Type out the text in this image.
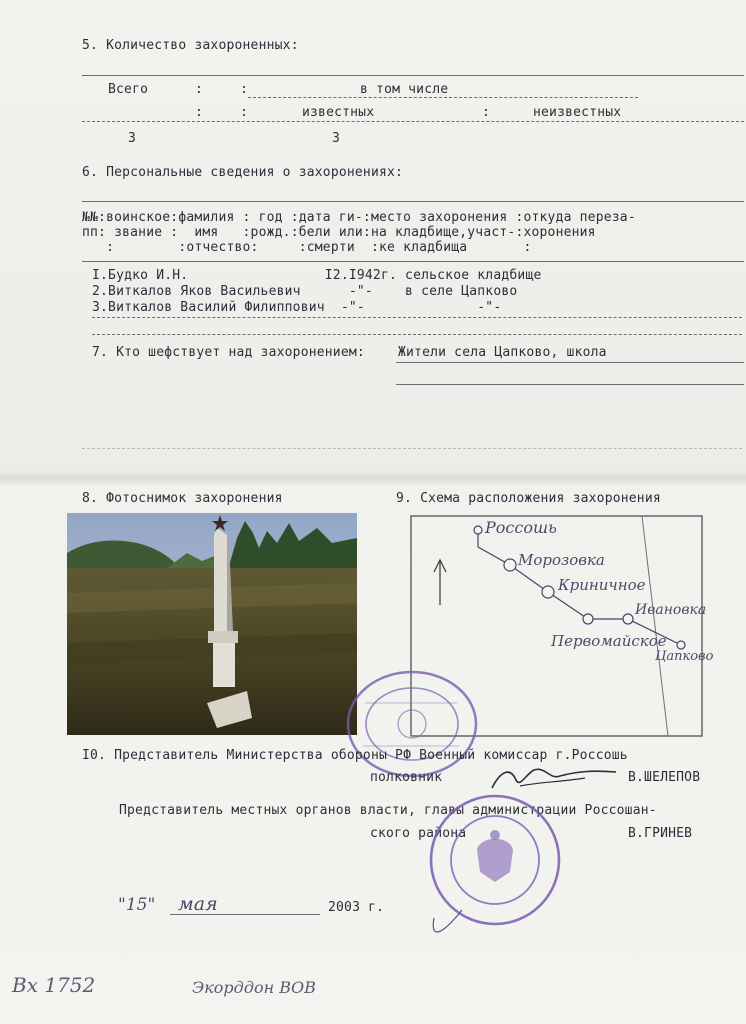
5. Количество захороненных:
Всего	:	:	в том числе
:	:	известных	:	неизвестных
3	3
6. Персональные сведения о захоронениях:
№№:воинское:фамилия : год :дата ги-:место захоронения :откуда переза-
пп: звание :  имя   :рожд.:бели или:на кладбище,участ-:хоронения
:        :отчество:     :смерти  :ке кладбища       :
I.Будко И.Н.                 I2.I942г. сельское кладбище
2.Виткалов Яков Васильевич      -"-    в селе Цапково
3.Виткалов Василий Филиппович  -"-              -"-
7. Кто шефствует над захоронением:	Жители села Цапково, школа
8. Фотоснимок захоронения	9. Схема расположения захоронения
Россошь
Морозовка
Криничное
Ивановка
Первомайское
Цапково
I0. Представитель Министерства обороны РФ Военный комиссар г.Россошь
полковник	В.ШЕЛЕПОВ
Представитель местных органов власти, главы администрации Россошан-
ского района	В.ГРИНЕВ
"15" мая	2003 г.
Вх 1752	Экорддон ВОВ
